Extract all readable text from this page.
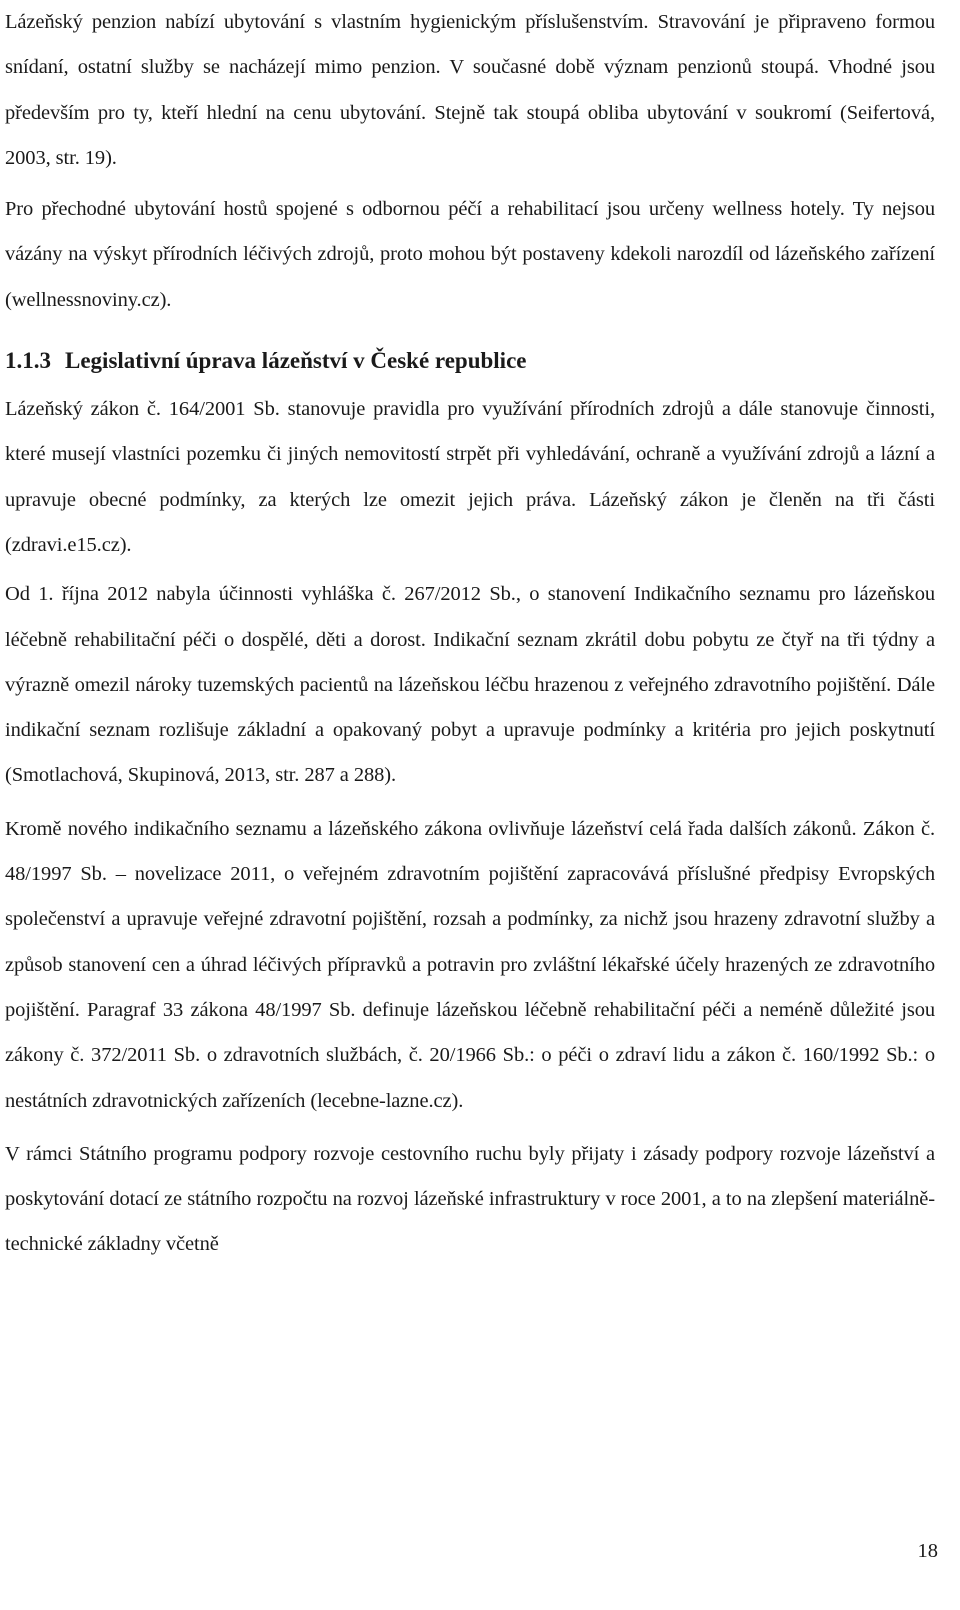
Lázeňský penzion nabízí ubytování s vlastním hygienickým příslušenstvím. Stravování je připraveno formou snídaní, ostatní služby se nacházejí mimo penzion. V současné době význam penzionů stoupá. Vhodné jsou především pro ty, kteří hlední na cenu ubytování. Stejně tak stoupá obliba ubytování v soukromí (Seifertová, 2003, str. 19).

Pro přechodné ubytování hostů spojené s odbornou péčí a rehabilitací jsou určeny wellness hotely. Ty nejsou vázány na výskyt přírodních léčivých zdrojů, proto mohou být postaveny kdekoli narozdíl od lázeňského zařízení (wellnessnoviny.cz).

1.1.3 Legislativní úprava lázeňství v České republice

Lázeňský zákon č. 164/2001 Sb. stanovuje pravidla pro využívání přírodních zdrojů a dále stanovuje činnosti, které musejí vlastníci pozemku či jiných nemovitostí strpět při vyhledávání, ochraně a využívání zdrojů a lázní a upravuje obecné podmínky, za kterých lze omezit jejich práva. Lázeňský zákon je členěn na tři části (zdravi.e15.cz).

Od 1. října 2012 nabyla účinnosti vyhláška č. 267/2012 Sb., o stanovení Indikačního seznamu pro lázeňskou léčebně rehabilitační péči o dospělé, děti a dorost. Indikační seznam zkrátil dobu pobytu ze čtyř na tři týdny a výrazně omezil nároky tuzemských pacientů na lázeňskou léčbu hrazenou z veřejného zdravotního pojištění. Dále indikační seznam rozlišuje základní a opakovaný pobyt a upravuje podmínky a kritéria pro jejich poskytnutí (Smotlachová, Skupinová, 2013, str. 287 a 288).

Kromě nového indikačního seznamu a lázeňského zákona ovlivňuje lázeňství celá řada dalších zákonů. Zákon č. 48/1997 Sb. – novelizace 2011, o veřejném zdravotním pojištění zapracovává příslušné předpisy Evropských společenství a upravuje veřejné zdravotní pojištění, rozsah a podmínky, za nichž jsou hrazeny zdravotní služby a způsob stanovení cen a úhrad léčivých přípravků a potravin pro zvláštní lékařské účely hrazených ze zdravotního pojištění. Paragraf 33 zákona 48/1997 Sb. definuje lázeňskou léčebně rehabilitační péči a neméně důležité jsou zákony č. 372/2011 Sb. o zdravotních službách, č. 20/1966 Sb.: o péči o zdraví lidu a zákon č. 160/1992 Sb.: o nestátních zdravotnických zařízeních (lecebne-lazne.cz).

V rámci Státního programu podpory rozvoje cestovního ruchu byly přijaty i zásady podpory rozvoje lázeňství a poskytování dotací ze státního rozpočtu na rozvoj lázeňské infrastruktury v roce 2001, a to na zlepšení materiálně-technické základny včetně

18
